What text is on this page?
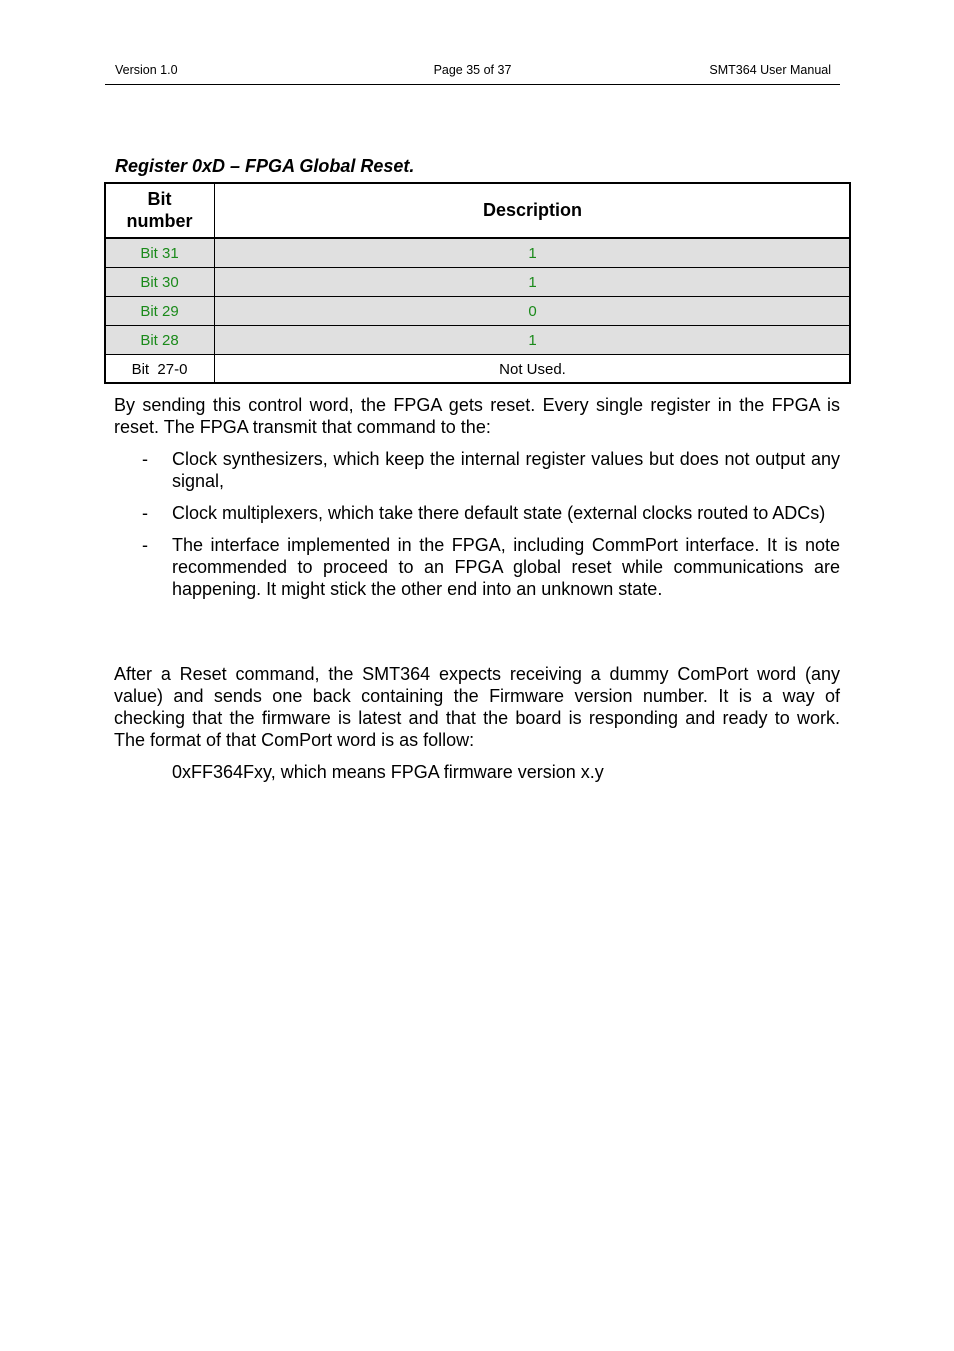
Version 1.0	Page 35 of 37	SMT364 User Manual
Register 0xD – FPGA Global Reset.
Bit
number	Description
Bit 31	1
Bit 30	1
Bit 29	0
Bit 28	1
Bit  27-0	Not Used.
By sending this control word, the FPGA gets reset. Every single register in the FPGA is reset. The FPGA transmit that command to the:
- Clock synthesizers, which keep the internal register values but does not output any signal,
- Clock multiplexers, which take there default state (external clocks routed to ADCs)
- The interface implemented in the FPGA, including CommPort interface. It is note recommended to proceed to an FPGA global reset while communications are happening. It might stick the other end into an unknown state.
After a Reset command, the SMT364 expects receiving a dummy ComPort word (any value) and sends one back containing the Firmware version number. It is a way of checking that the firmware is latest and that the board is responding and ready to work. The format of that ComPort word is as follow:
0xFF364Fxy, which means FPGA firmware version x.y
